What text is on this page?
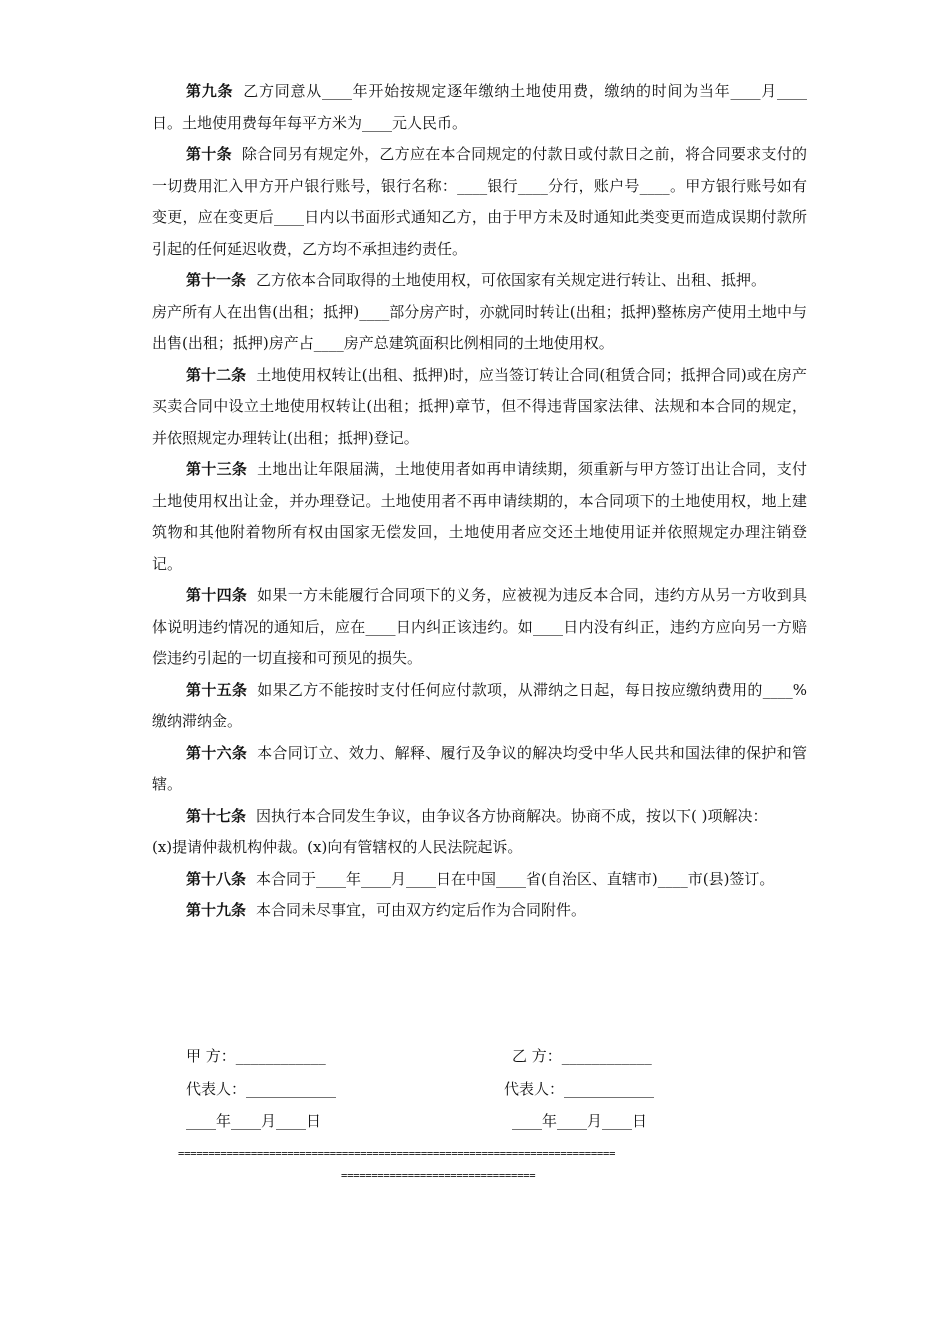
第九条 乙方同意从____年开始按规定逐年缴纳土地使用费，缴纳的时间为当年____月____日。土地使用费每年每平方米为____元人民币。

第十条 除合同另有规定外，乙方应在本合同规定的付款日或付款日之前，将合同要求支付的一切费用汇入甲方开户银行账号，银行名称：____银行____分行，账户号____。甲方银行账号如有变更，应在变更后____日内以书面形式通知乙方，由于甲方未及时通知此类变更而造成误期付款所引起的任何延迟收费，乙方均不承担违约责任。

第十一条 乙方依本合同取得的土地使用权，可依国家有关规定进行转让、出租、抵押。

房产所有人在出售(出租；抵押)____部分房产时，亦就同时转让(出租；抵押)整栋房产使用土地中与出售(出租；抵押)房产占____房产总建筑面积比例相同的土地使用权。

第十二条 土地使用权转让(出租、抵押)时，应当签订转让合同(租赁合同；抵押合同)或在房产买卖合同中设立土地使用权转让(出租；抵押)章节，但不得违背国家法律、法规和本合同的规定，并依照规定办理转让(出租；抵押)登记。

第十三条 土地出让年限届满，土地使用者如再申请续期，须重新与甲方签订出让合同，支付土地使用权出让金，并办理登记。土地使用者不再申请续期的，本合同项下的土地使用权，地上建筑物和其他附着物所有权由国家无偿发回，土地使用者应交还土地使用证并依照规定办理注销登记。

第十四条 如果一方未能履行合同项下的义务，应被视为违反本合同，违约方从另一方收到具体说明违约情况的通知后，应在____日内纠正该违约。如____日内没有纠正，违约方应向另一方赔偿违约引起的一切直接和可预见的损失。

第十五条 如果乙方不能按时支付任何应付款项，从滞纳之日起，每日按应缴纳费用的____%缴纳滞纳金。

第十六条 本合同订立、效力、解释、履行及争议的解决均受中华人民共和国法律的保护和管辖。

第十七条 因执行本合同发生争议，由争议各方协商解决。协商不成，按以下( )项解决：

(x)提请仲裁机构仲裁。(x)向有管辖权的人民法院起诉。

第十八条 本合同于____年____月____日在中国____省(自治区、直辖市)____市(县)签订。

第十九条 本合同未尽事宜，可由双方约定后作为合同附件。

甲 方：____________	乙 方：____________
代表人：____________	代表人：____________
____年____月____日	____年____月____日
========================================================================
================================
